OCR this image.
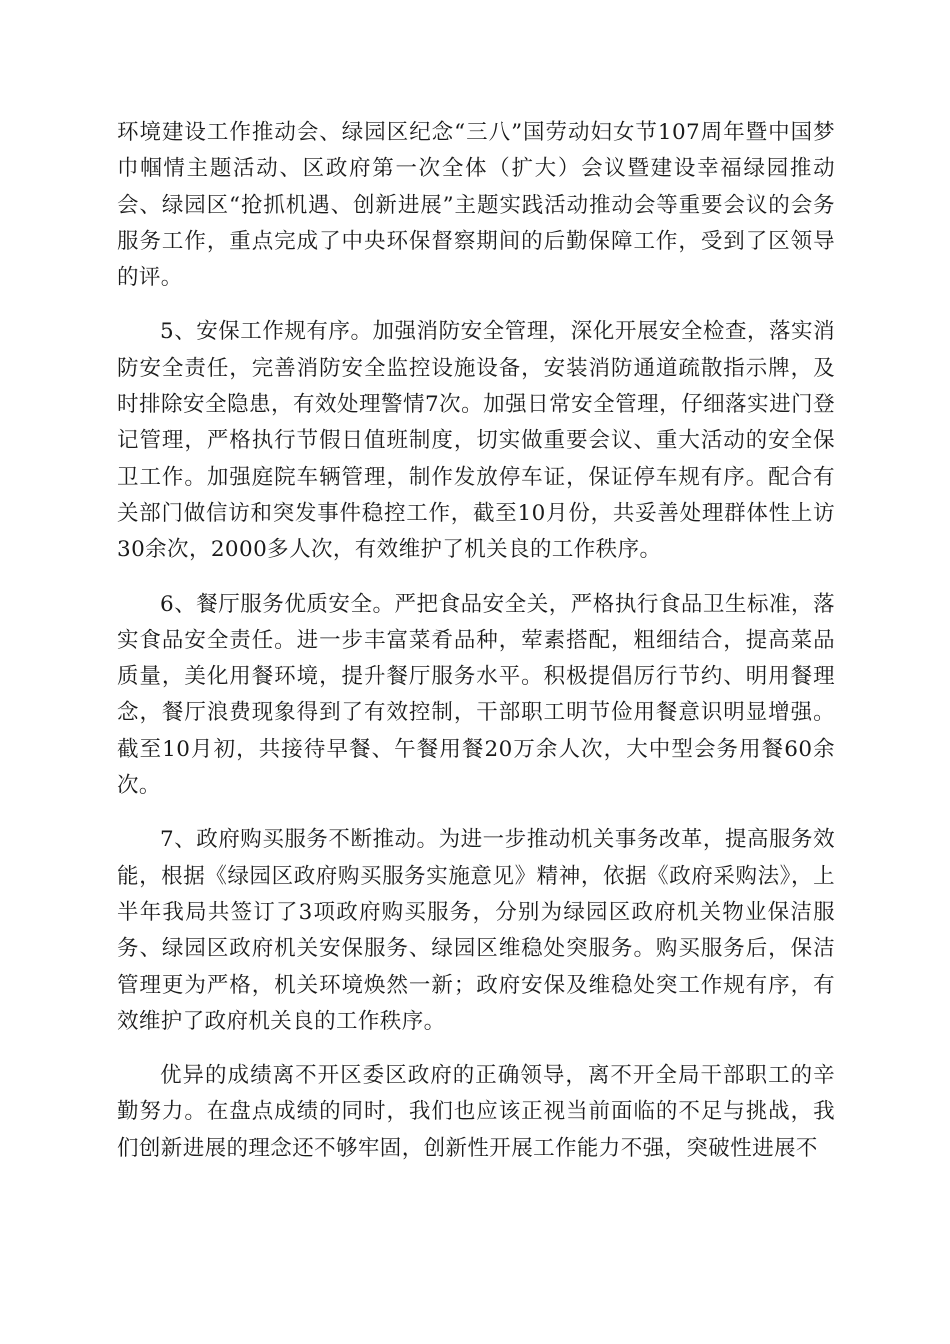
环境建设工作推动会、绿园区纪念“三八”国劳动妇女节107周年暨中国梦巾帼情主题活动、区政府第一次全体（扩大）会议暨建设幸福绿园推动会、绿园区“抢抓机遇、创新进展”主题实践活动推动会等重要会议的会务服务工作，重点完成了中央环保督察期间的后勤保障工作，受到了区领导的评。

5、安保工作规有序。加强消防安全管理，深化开展安全检查，落实消防安全责任，完善消防安全监控设施设备，安装消防通道疏散指示牌，及时排除安全隐患，有效处理警情7次。加强日常安全管理，仔细落实进门登记管理，严格执行节假日值班制度，切实做重要会议、重大活动的安全保卫工作。加强庭院车辆管理，制作发放停车证，保证停车规有序。配合有关部门做信访和突发事件稳控工作，截至10月份，共妥善处理群体性上访30余次，2000多人次，有效维护了机关良的工作秩序。

6、餐厅服务优质安全。严把食品安全关，严格执行食品卫生标准，落实食品安全责任。进一步丰富菜肴品种，荤素搭配，粗细结合，提高菜品质量，美化用餐环境，提升餐厅服务水平。积极提倡厉行节约、明用餐理念，餐厅浪费现象得到了有效控制，干部职工明节俭用餐意识明显增强。截至10月初，共接待早餐、午餐用餐20万余人次，大中型会务用餐60余次。

7、政府购买服务不断推动。为进一步推动机关事务改革，提高服务效能，根据《绿园区政府购买服务实施意见》精神，依据《政府采购法》，上半年我局共签订了3项政府购买服务，分别为绿园区政府机关物业保洁服务、绿园区政府机关安保服务、绿园区维稳处突服务。购买服务后，保洁管理更为严格，机关环境焕然一新；政府安保及维稳处突工作规有序，有效维护了政府机关良的工作秩序。

优异的成绩离不开区委区政府的正确领导，离不开全局干部职工的辛勤努力。在盘点成绩的同时，我们也应该正视当前面临的不足与挑战，我们创新进展的理念还不够牢固，创新性开展工作能力不强，突破性进展不
